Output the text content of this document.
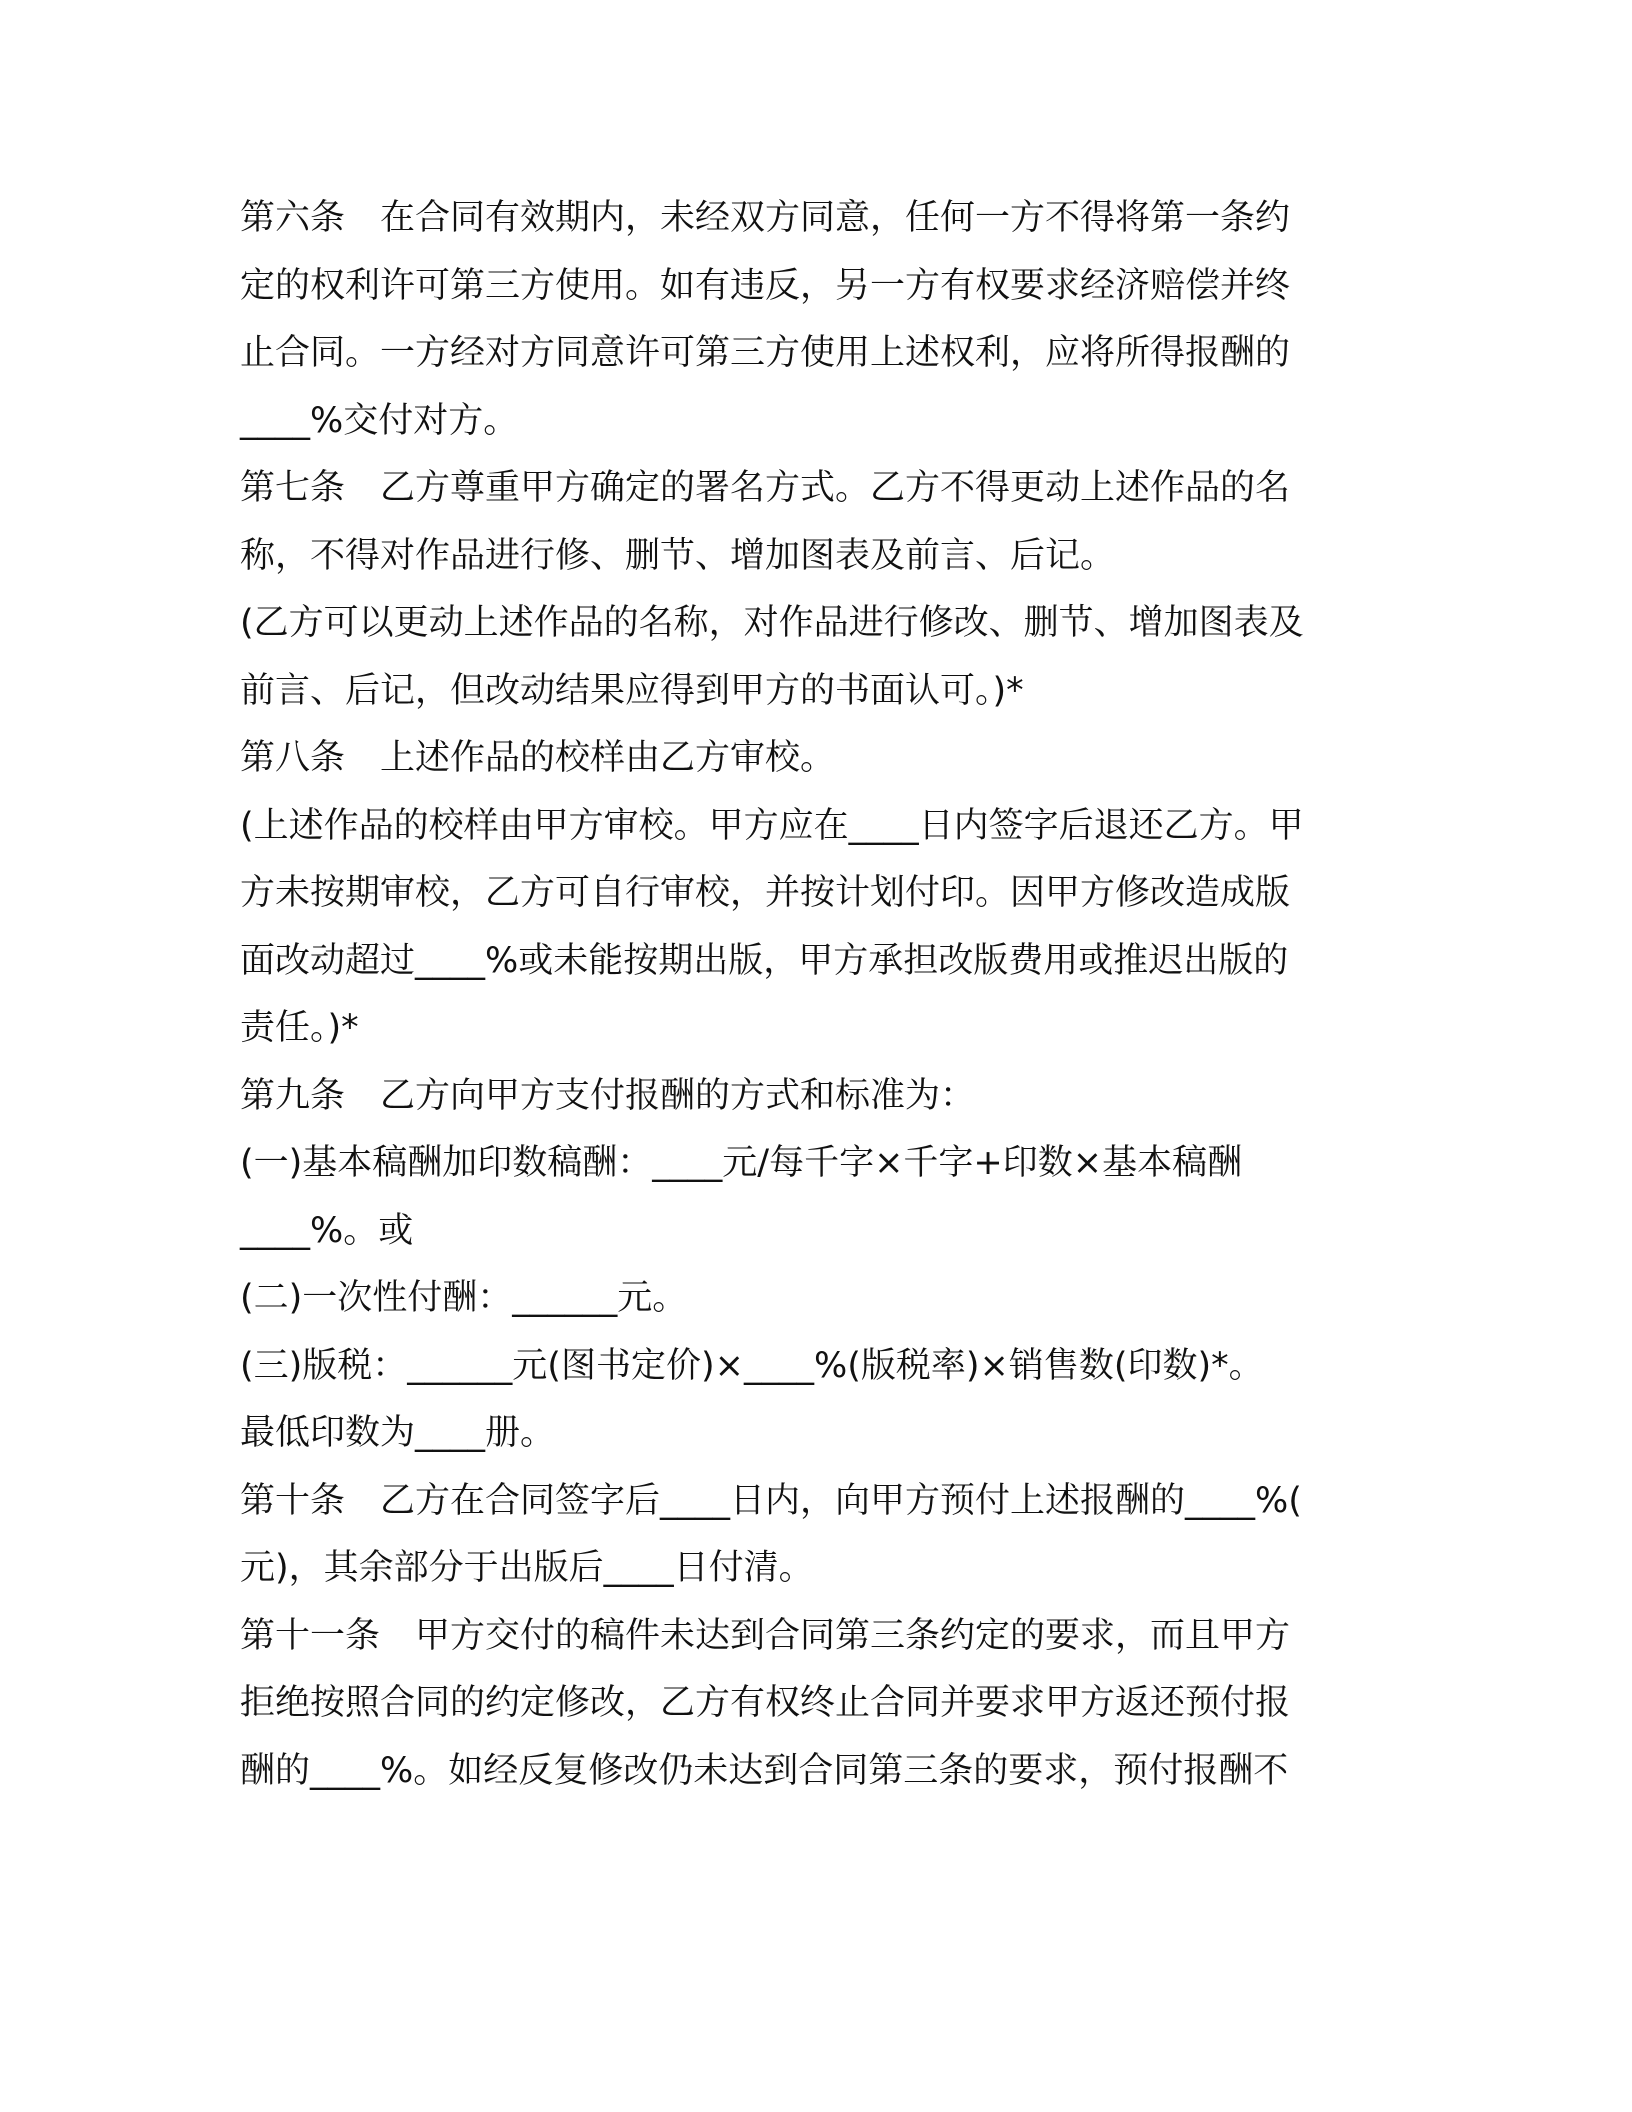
第六条　在合同有效期内，未经双方同意，任何一方不得将第一条约
定的权利许可第三方使用。如有违反，另一方有权要求经济赔偿并终
止合同。一方经对方同意许可第三方使用上述权利，应将所得报酬的
____%交付对方。
第七条　乙方尊重甲方确定的署名方式。乙方不得更动上述作品的名
称，不得对作品进行修、删节、增加图表及前言、后记。
(乙方可以更动上述作品的名称，对作品进行修改、删节、增加图表及
前言、后记，但改动结果应得到甲方的书面认可。)*
第八条　上述作品的校样由乙方审校。
(上述作品的校样由甲方审校。甲方应在____日内签字后退还乙方。甲
方未按期审校，乙方可自行审校，并按计划付印。因甲方修改造成版
面改动超过____%或未能按期出版，甲方承担改版费用或推迟出版的
责任。)*
第九条　乙方向甲方支付报酬的方式和标准为：
(一)基本稿酬加印数稿酬：____元/每千字×千字+印数×基本稿酬
____%。或
(二)一次性付酬：______元。
(三)版税：______元(图书定价)×____%(版税率)×销售数(印数)*。
最低印数为____册。
第十条　乙方在合同签字后____日内，向甲方预付上述报酬的____%(
元)，其余部分于出版后____日付清。
第十一条　甲方交付的稿件未达到合同第三条约定的要求，而且甲方
拒绝按照合同的约定修改，乙方有权终止合同并要求甲方返还预付报
酬的____%。如经反复修改仍未达到合同第三条的要求，预付报酬不
